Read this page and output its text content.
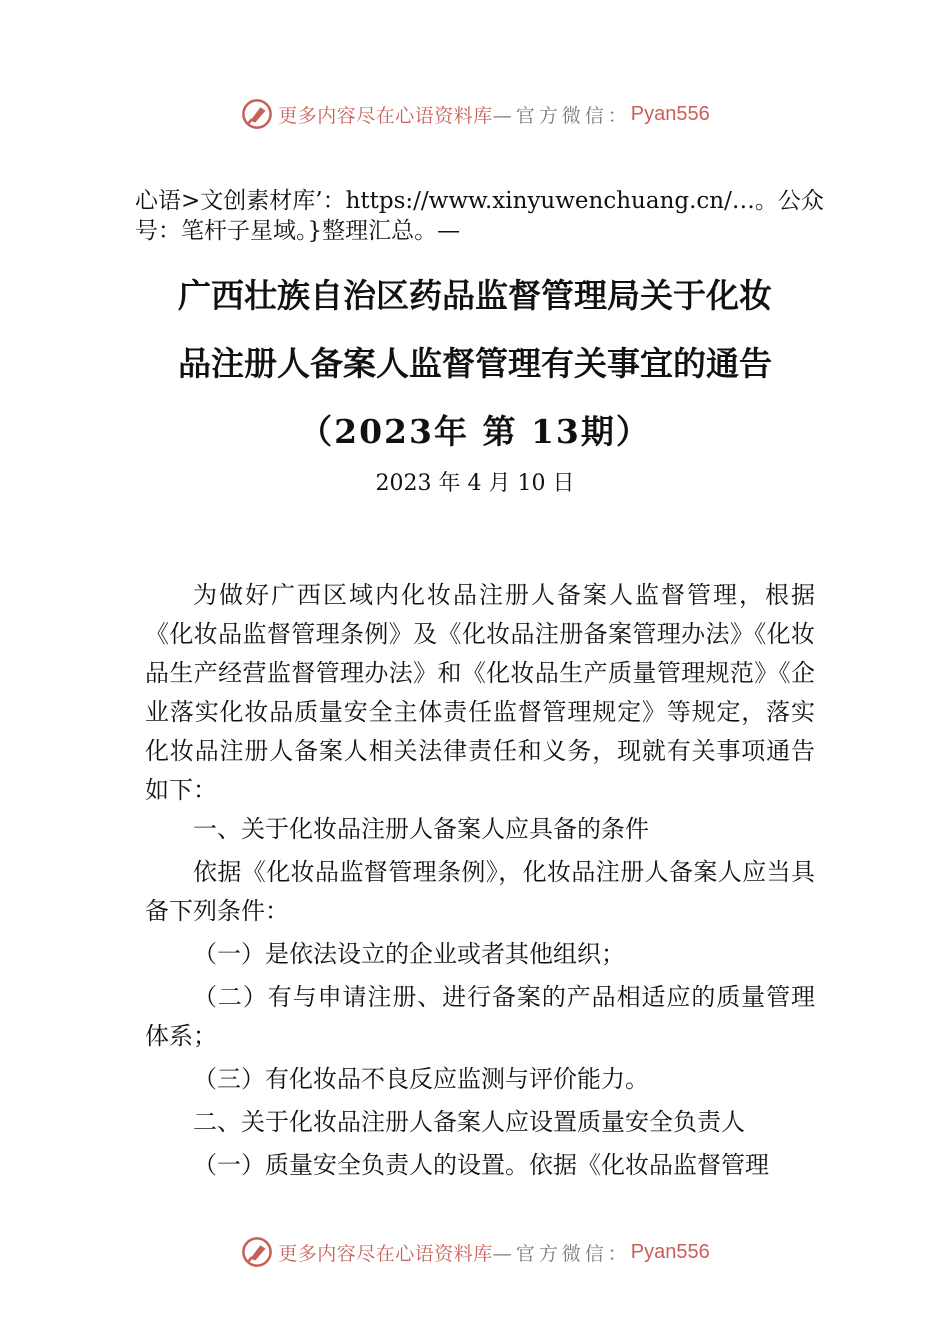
更多内容尽在心语资料库 —官方微信： Pyan556
心语>文创素材库’：https://www.xinyuwenchuang.cn/…。公众号：笔杆子星域。}整理汇总。—
广西壮族自治区药品监督管理局关于化妆
品注册人备案人监督管理有关事宜的通告
（2023年 第 13期）
2023 年 4 月 10 日

为做好广西区域内化妆品注册人备案人监督管理，根据《化妆品监督管理条例》及《化妆品注册备案管理办法》《化妆品生产经营监督管理办法》和《化妆品生产质量管理规范》《企业落实化妆品质量安全主体责任监督管理规定》等规定，落实化妆品注册人备案人相关法律责任和义务，现就有关事项通告如下：

一、关于化妆品注册人备案人应具备的条件

依据《化妆品监督管理条例》，化妆品注册人备案人应当具备下列条件：

（一）是依法设立的企业或者其他组织；

（二）有与申请注册、进行备案的产品相适应的质量管理体系；

（三）有化妆品不良反应监测与评价能力。

二、关于化妆品注册人备案人应设置质量安全负责人

（一）质量安全负责人的设置。依据《化妆品监督管理

更多内容尽在心语资料库 —官方微信： Pyan556
